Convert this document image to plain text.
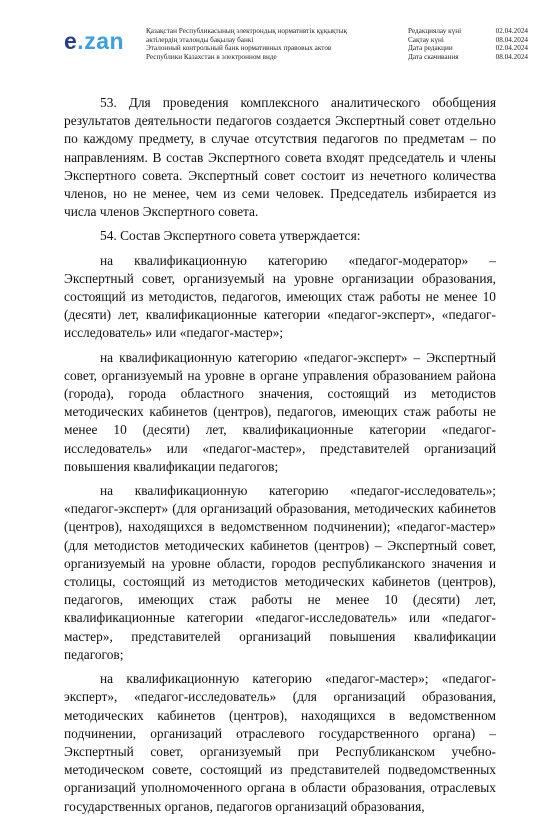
e.zan	Қазақстан Республикасының электрондық нормативтік құқықтық
актілердің эталонды бақылау банкі
Эталонный контрольный банк нормативных правовых актов
Республики Казахстан в электронном виде
Редакциялау күні	02.04.2024
Сақтау күні	08.04.2024
Дата редакции	02.04.2024
Дата скачивания	08.04.2024

53. Для проведения комплексного аналитического обобщения результатов деятельности педагогов создается Экспертный совет отдельно по каждому предмету, в случае отсутствия педагогов по предметам – по направлениям. В состав Экспертного совета входят председатель и члены Экспертного совета. Экспертный совет состоит из нечетного количества членов, но не менее, чем из семи человек. Председатель избирается из числа членов Экспертного совета.

54. Состав Экспертного совета утверждается:

на квалификационную категорию «педагог-модератор» – Экспертный совет, организуемый на уровне организации образования, состоящий из методистов, педагогов, имеющих стаж работы не менее 10 (десяти) лет, квалификационные категории «педагог-эксперт», «педагог-исследователь» или «педагог-мастер»;

на квалификационную категорию «педагог-эксперт» – Экспертный совет, организуемый на уровне в органе управления образованием района (города), города областного значения, состоящий из методистов методических кабинетов (центров), педагогов, имеющих стаж работы не менее 10 (десяти) лет, квалификационные категории «педагог-исследователь» или «педагог-мастер», представителей организаций повышения квалификации педагогов;

на квалификационную категорию «педагог-исследователь»; «педагог-эксперт» (для организаций образования, методических кабинетов (центров), находящихся в ведомственном подчинении); «педагог-мастер» (для методистов методических кабинетов (центров) – Экспертный совет, организуемый на уровне области, городов республиканского значения и столицы, состоящий из методистов методических кабинетов (центров), педагогов, имеющих стаж работы не менее 10 (десяти) лет, квалификационные категории «педагог-исследователь» или «педагог-мастер», представителей организаций повышения квалификации педагогов;

на квалификационную категорию «педагог-мастер»; «педагог-эксперт», «педагог-исследователь» (для организаций образования, методических кабинетов (центров), находящихся в ведомственном подчинении, организаций отраслевого государственного органа) – Экспертный совет, организуемый при Республиканском учебно-методическом совете, состоящий из представителей подведомственных организаций уполномоченного органа в области образования, отраслевых государственных органов, педагогов организаций образования,
